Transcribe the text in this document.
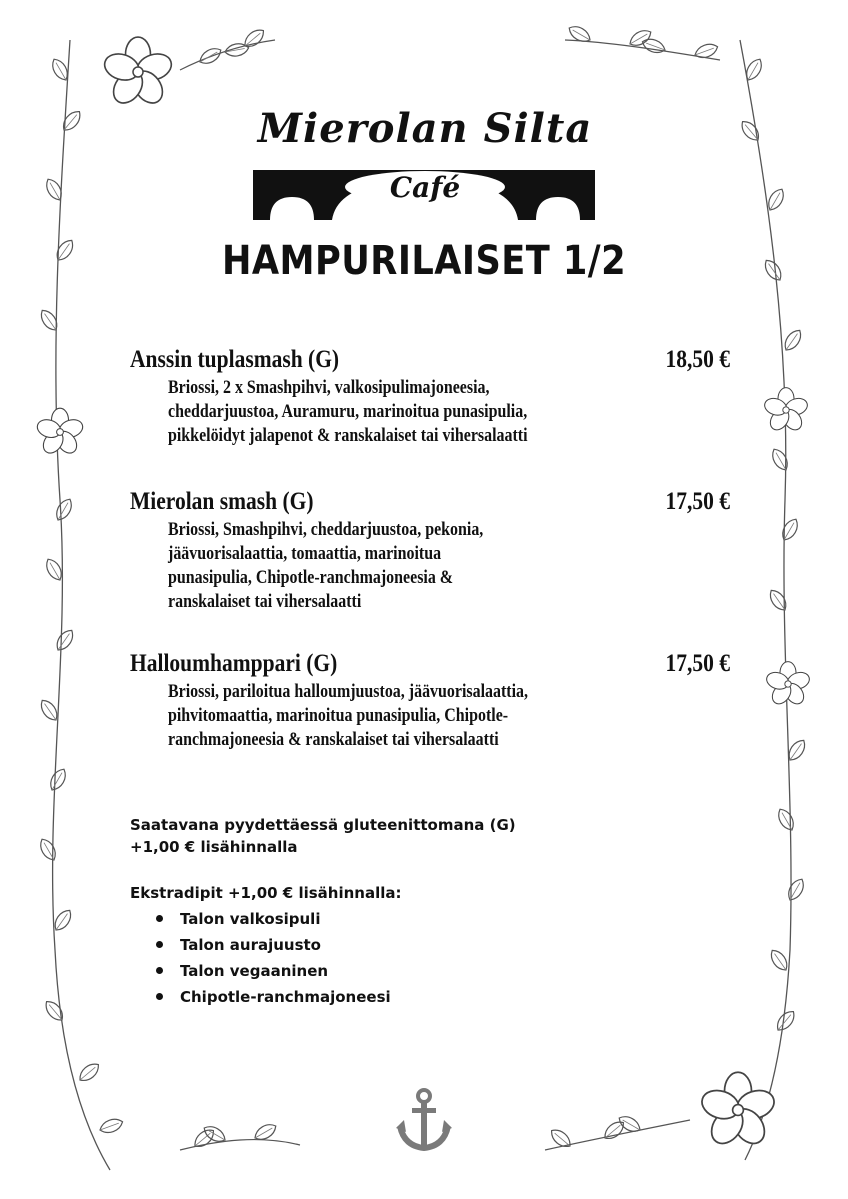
Mierolan Silta
Café
HAMPURILAISET 1/2
Anssin tuplasmash (G)	18,50 €
Briossi, 2 x Smashpihvi, valkosipulimajoneesia,
cheddarjuustoa, Auramuru, marinoitua punasipulia,
pikkelöidyt jalapenot & ranskalaiset tai vihersalaatti
Mierolan smash (G)	17,50 €
Briossi, Smashpihvi, cheddarjuustoa, pekonia,
jäävuorisalaattia, tomaattia, marinoitua
punasipulia, Chipotle-ranchmajoneesia &
ranskalaiset tai vihersalaatti
Halloumhamppari (G)	17,50 €
Briossi, pariloitua halloumjuustoa, jäävuorisalaattia,
pihvitomaattia, marinoitua punasipulia, Chipotle-
ranchmajoneesia & ranskalaiset tai vihersalaatti
Saatavana pyydettäessä gluteenittomana (G)
+1,00 € lisähinnalla
Ekstradipit +1,00 € lisähinnalla:
Talon valkosipuli
Talon aurajuusto
Talon vegaaninen
Chipotle-ranchmajoneesi
